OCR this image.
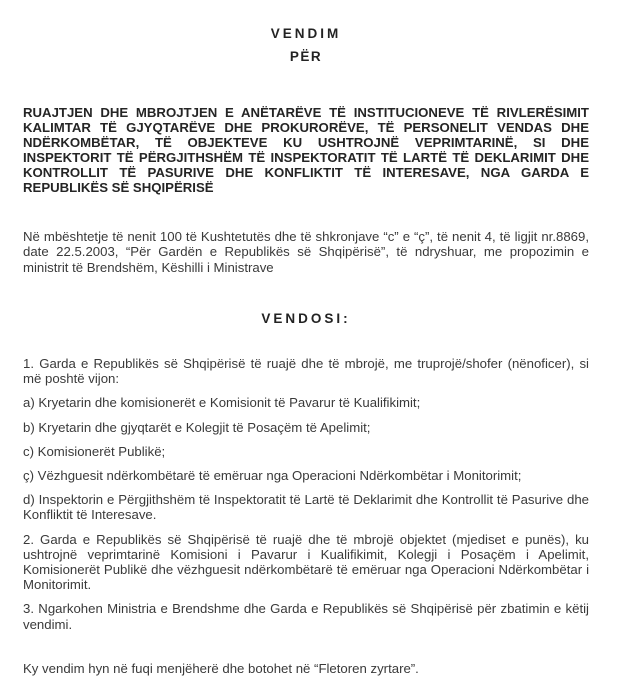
VENDIM
PËR

RUAJTJEN DHE MBROJTJEN E ANËTARËVE TË INSTITUCIONEVE TË RIVLERËSIMIT KALIMTAR TË GJYQTARËVE DHE PROKURORËVE, TË PERSONELIT VENDAS DHE NDËRKOMBËTAR, TË OBJEKTEVE KU USHTROJNË VEPRIMTARINË, SI DHE INSPEKTORIT TË PËRGJITHSHËM TË INSPEKTORATIT TË LARTË TË DEKLARIMIT DHE KONTROLLIT TË PASURIVE DHE KONFLIKTIT TË INTERESAVE, NGA GARDA E REPUBLIKËS SË SHQIPËRISË

Në mbështetje të nenit 100 të Kushtetutës dhe të shkronjave “c” e “ç”, të nenit 4, të ligjit nr.8869, date 22.5.2003, “Për Gardën e Republikës së Shqipërisë”, të ndryshuar, me propozimin e ministrit të Brendshëm, Këshilli i Ministrave

VENDOSI:

1. Garda e Republikës së Shqipërisë të ruajë dhe të mbrojë, me truprojë/shofer (nënoficer), si më poshtë vijon:

a) Kryetarin dhe komisionerët e Komisionit të Pavarur të Kualifikimit;

b) Kryetarin dhe gjyqtarët e Kolegjit të Posaçëm të Apelimit;

c) Komisionerët Publikë;

ç) Vëzhguesit ndërkombëtarë të emëruar nga Operacioni Ndërkombëtar i Monitorimit;

d) Inspektorin e Përgjithshëm të Inspektoratit të Lartë të Deklarimit dhe Kontrollit të Pasurive dhe Konfliktit të Interesave.

2. Garda e Republikës së Shqipërisë të ruajë dhe të mbrojë objektet (mjediset e punës), ku ushtrojnë veprimtarinë Komisioni i Pavarur i Kualifikimit, Kolegji i Posaçëm i Apelimit, Komisionerët Publikë dhe vëzhguesit ndërkombëtarë të emëruar nga Operacioni Ndërkombëtar i Monitorimit.

3. Ngarkohen Ministria e Brendshme dhe Garda e Republikës së Shqipërisë për zbatimin e këtij vendimi.

Ky vendim hyn në fuqi menjëherë dhe botohet në “Fletoren zyrtare”.
